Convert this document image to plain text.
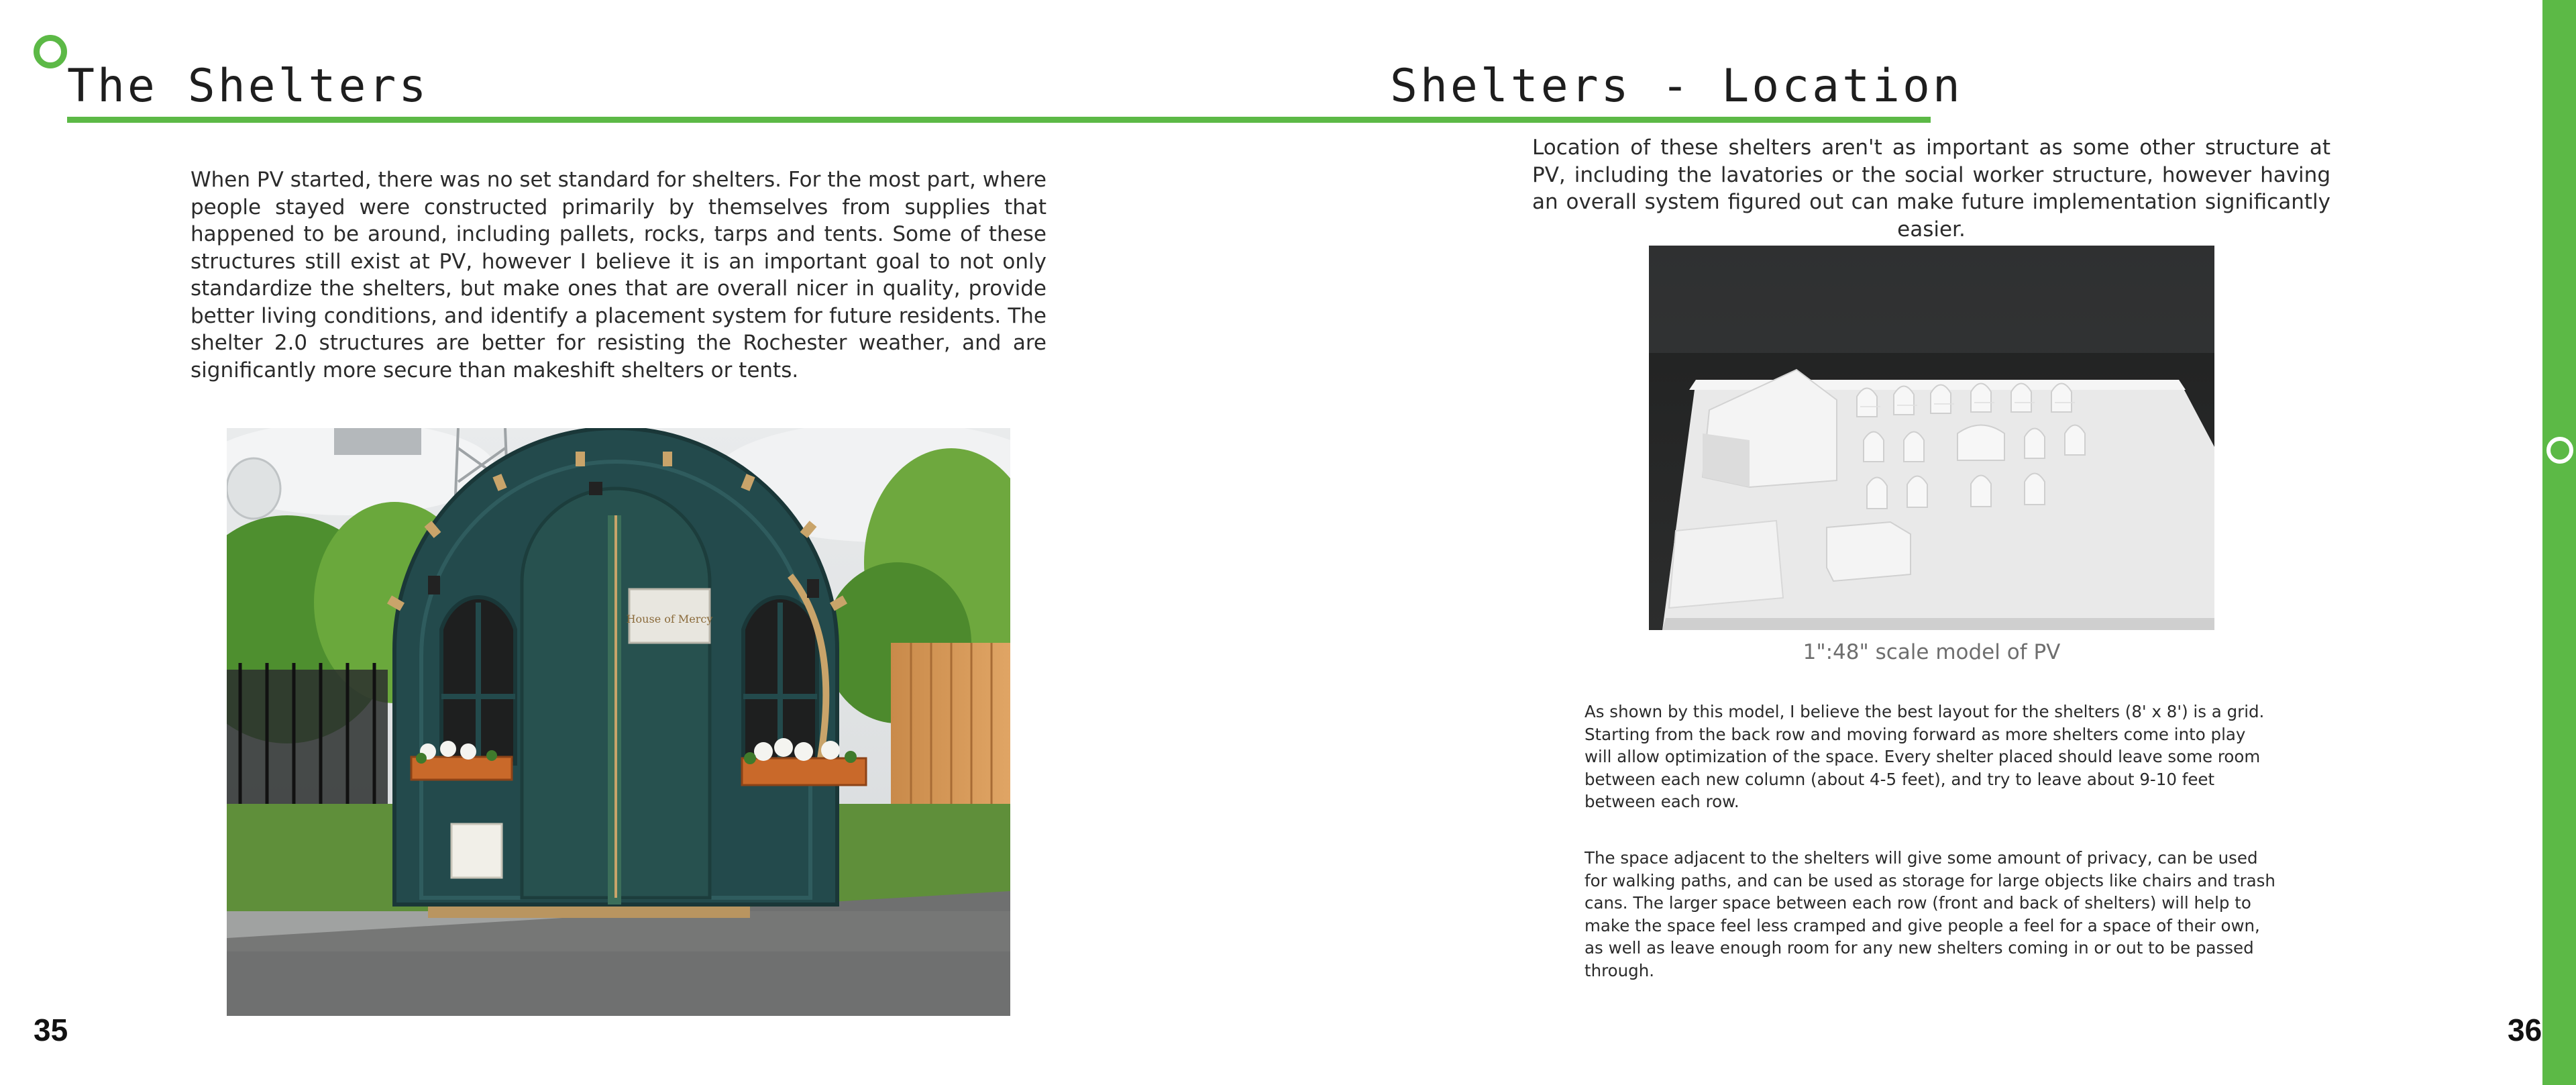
The Shelters
When PV started, there was no set standard for shelters. For the most part, where people stayed were constructed primarily by themselves from supplies that happened to be around, including pallets, rocks, tarps and tents. Some of these structures still exist at PV, however I believe it is an important goal to not only standardize the shelters, but make ones that are overall nicer in quality, provide better living conditions, and identify a placement system for future residents. The shelter 2.0 structures are better for resisting the Rochester weather, and are significantly more secure than makeshift shelters or tents.
House of Mercy
35
Shelters - Location
Location of these shelters aren't as important as some other structure at PV, including the lavatories or the social worker structure, however having an overall system figured out can make future implementation significantly easier.
1":48" scale model of PV
As shown by this model, I believe the best layout for the shelters (8' x 8') is a grid. Starting from the back row and moving forward as more shelters come into play will allow optimization of the space. Every shelter placed should leave some room between each new column (about 4-5 feet), and try to leave about 9-10 feet between each row.
The space adjacent to the shelters will give some amount of privacy, can be used for walking paths, and can be used as storage for large objects like chairs and trash cans. The larger space between each row (front and back of shelters) will help to make the space feel less cramped and give people a feel for a space of their own, as well as leave enough room for any new shelters coming in or out to be passed through.
36
